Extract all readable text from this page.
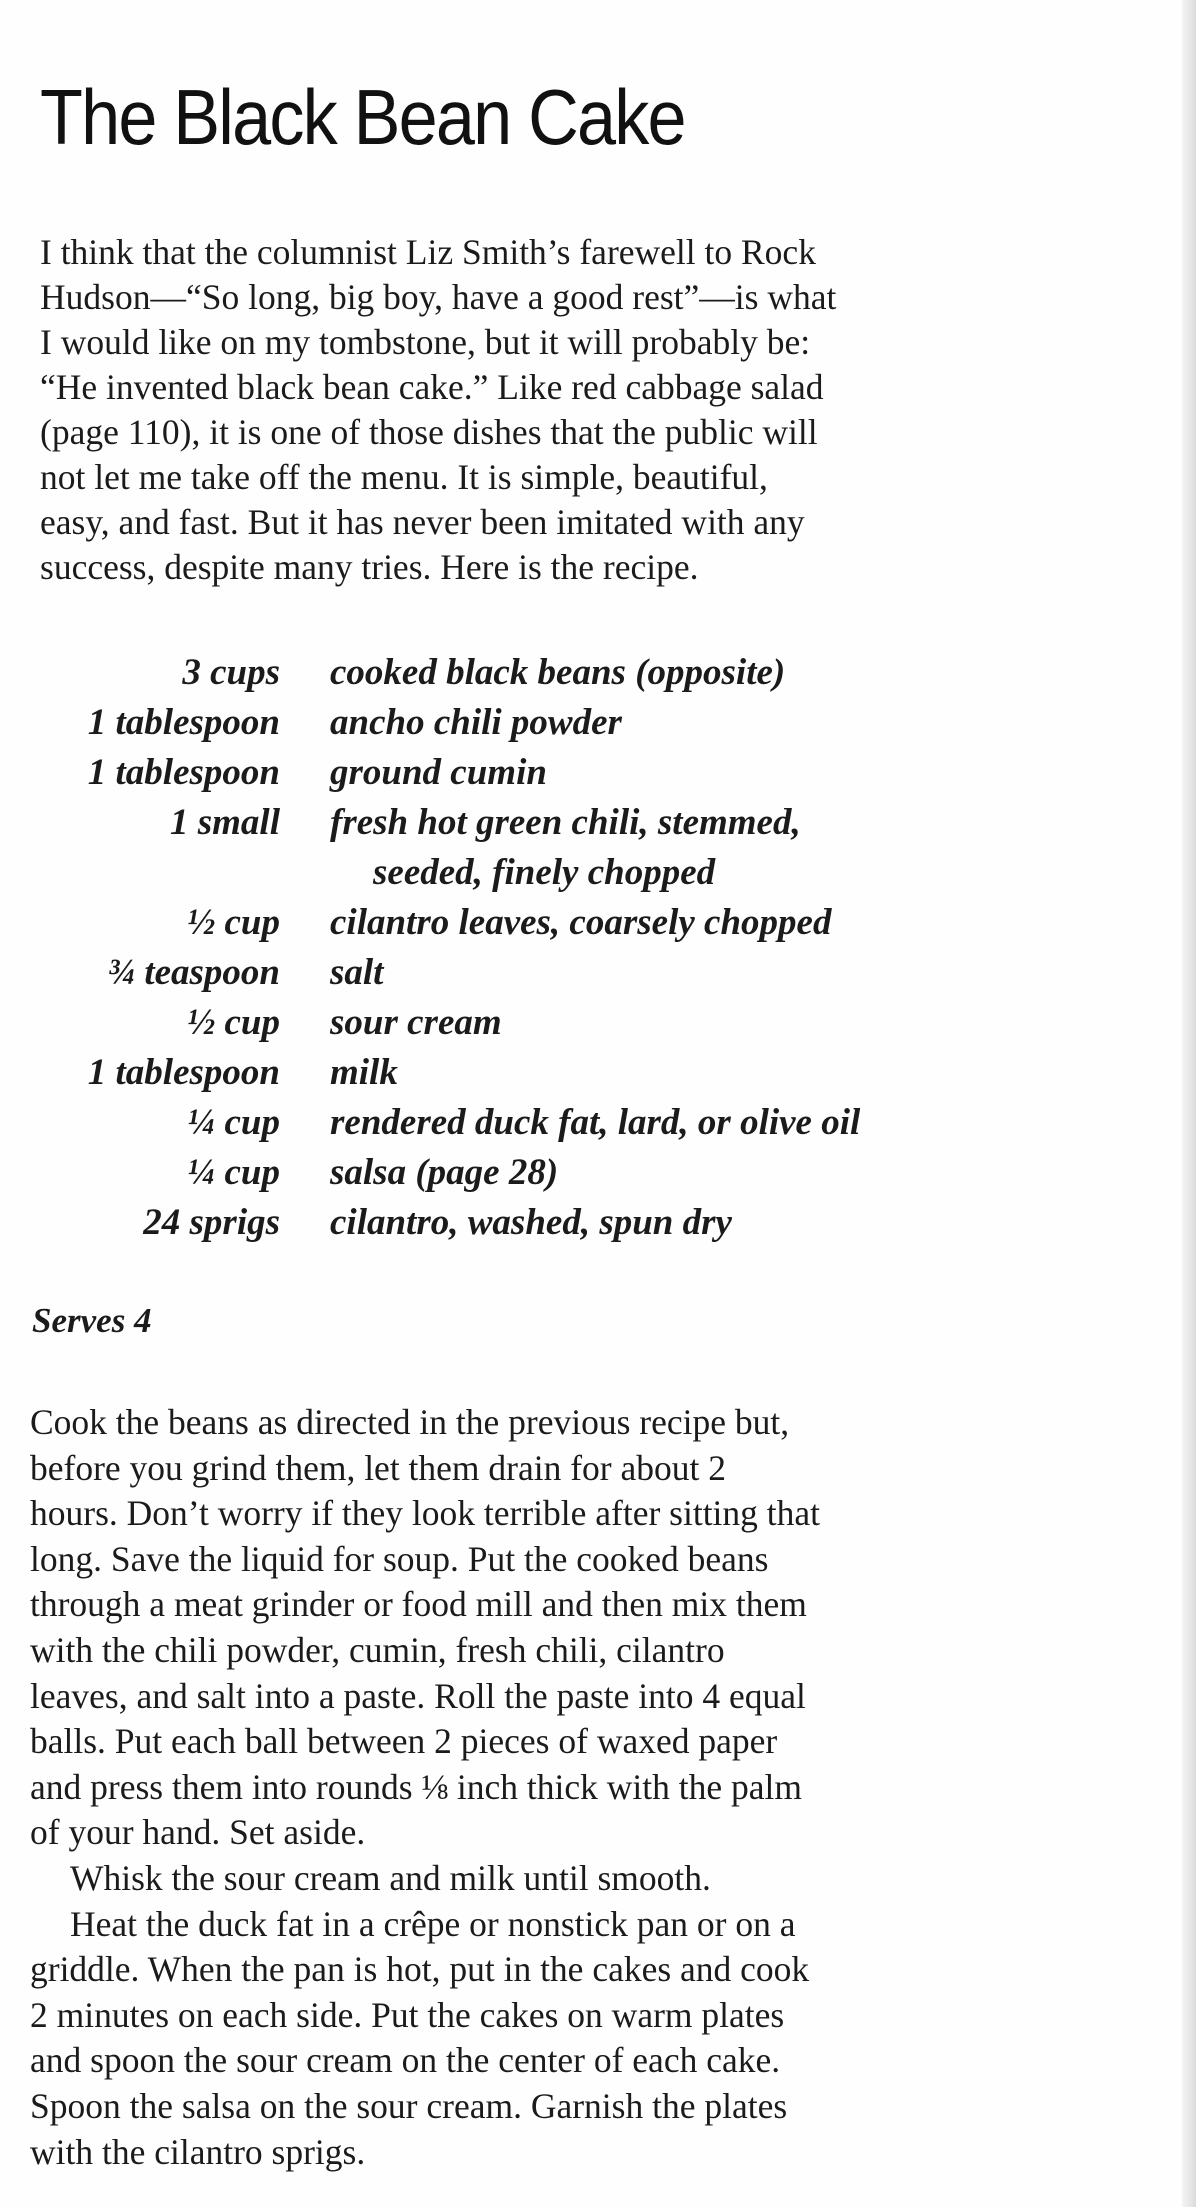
The Black Bean Cake

I think that the columnist Liz Smith’s farewell to Rock
Hudson—“So long, big boy, have a good rest”—is what
I would like on my tombstone, but it will probably be:
“He invented black bean cake.” Like red cabbage salad
(page 110), it is one of those dishes that the public will
not let me take off the menu. It is simple, beautiful,
easy, and fast. But it has never been imitated with any
success, despite many tries. Here is the recipe.

3 cups cooked black beans (opposite)
1 tablespoon ancho chili powder
1 tablespoon ground cumin
1 small fresh hot green chili, stemmed,
seeded, finely chopped
½ cup cilantro leaves, coarsely chopped
¾ teaspoon salt
½ cup sour cream
1 tablespoon milk
¼ cup rendered duck fat, lard, or olive oil
¼ cup salsa (page 28)
24 sprigs cilantro, washed, spun dry
Serves 4
Cook the beans as directed in the previous recipe but,
before you grind them, let them drain for about 2
hours. Don’t worry if they look terrible after sitting that
long. Save the liquid for soup. Put the cooked beans
through a meat grinder or food mill and then mix them
with the chili powder, cumin, fresh chili, cilantro
leaves, and salt into a paste. Roll the paste into 4 equal
balls. Put each ball between 2 pieces of waxed paper
and press them into rounds ⅛ inch thick with the palm
of your hand. Set aside.
Whisk the sour cream and milk until smooth.
Heat the duck fat in a crêpe or nonstick pan or on a
griddle. When the pan is hot, put in the cakes and cook
2 minutes on each side. Put the cakes on warm plates
and spoon the sour cream on the center of each cake.
Spoon the salsa on the sour cream. Garnish the plates
with the cilantro sprigs.
